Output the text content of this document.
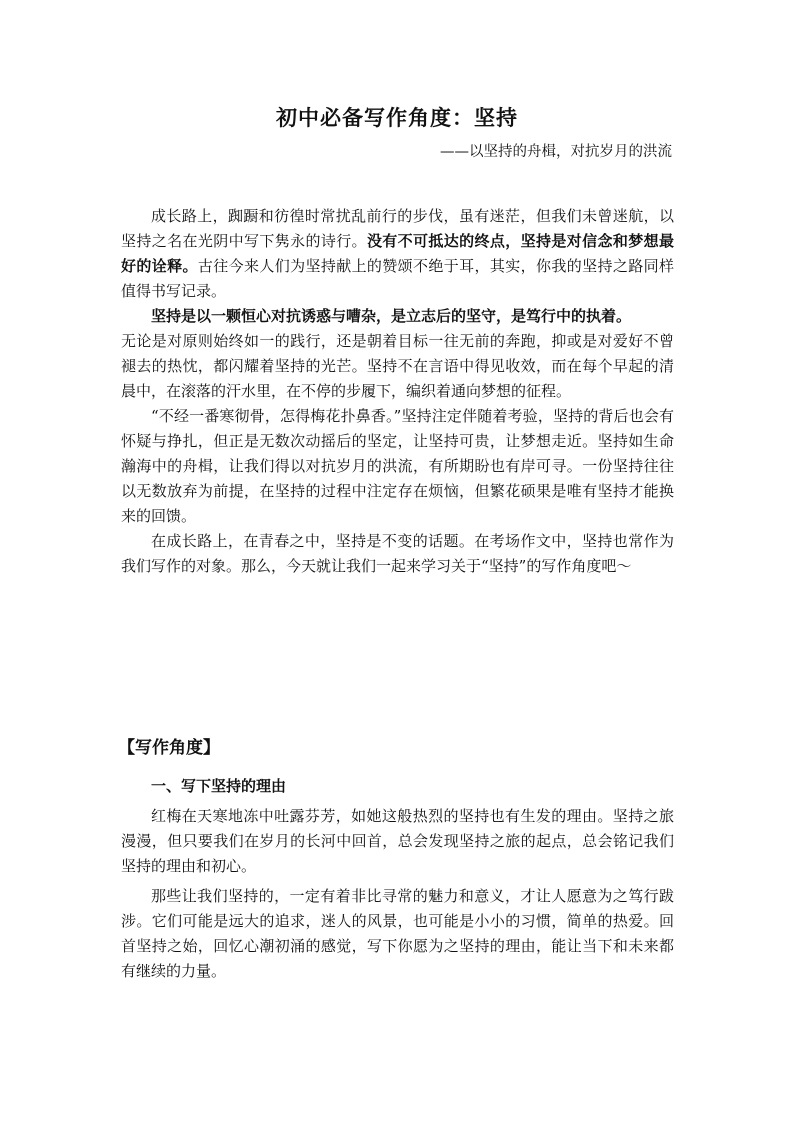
初中必备写作角度：坚持
——以坚持的舟楫，对抗岁月的洪流

成长路上，踟蹰和彷徨时常扰乱前行的步伐，虽有迷茫，但我们未曾迷航，以坚持之名在光阴中写下隽永的诗行。没有不可抵达的终点，坚持是对信念和梦想最好的诠释。古往今来人们为坚持献上的赞颂不绝于耳，其实，你我的坚持之路同样值得书写记录。

坚持是以一颗恒心对抗诱惑与嘈杂，是立志后的坚守，是笃行中的执着。

无论是对原则始终如一的践行，还是朝着目标一往无前的奔跑，抑或是对爱好不曾褪去的热忱，都闪耀着坚持的光芒。坚持不在言语中得见收效，而在每个早起的清晨中，在滚落的汗水里，在不停的步履下，编织着通向梦想的征程。

“不经一番寒彻骨，怎得梅花扑鼻香。”坚持注定伴随着考验，坚持的背后也会有怀疑与挣扎，但正是无数次动摇后的坚定，让坚持可贵，让梦想走近。坚持如生命瀚海中的舟楫，让我们得以对抗岁月的洪流，有所期盼也有岸可寻。一份坚持往往以无数放弃为前提，在坚持的过程中注定存在烦恼，但繁花硕果是唯有坚持才能换来的回馈。

在成长路上，在青春之中，坚持是不变的话题。在考场作文中，坚持也常作为我们写作的对象。那么，今天就让我们一起来学习关于“坚持”的写作角度吧～

【写作角度】
一、写下坚持的理由

红梅在天寒地冻中吐露芬芳，如她这般热烈的坚持也有生发的理由。坚持之旅漫漫，但只要我们在岁月的长河中回首，总会发现坚持之旅的起点，总会铭记我们坚持的理由和初心。

那些让我们坚持的，一定有着非比寻常的魅力和意义，才让人愿意为之笃行跋涉。它们可能是远大的追求，迷人的风景，也可能是小小的习惯，简单的热爱。回首坚持之始，回忆心潮初涌的感觉，写下你愿为之坚持的理由，能让当下和未来都有继续的力量。
